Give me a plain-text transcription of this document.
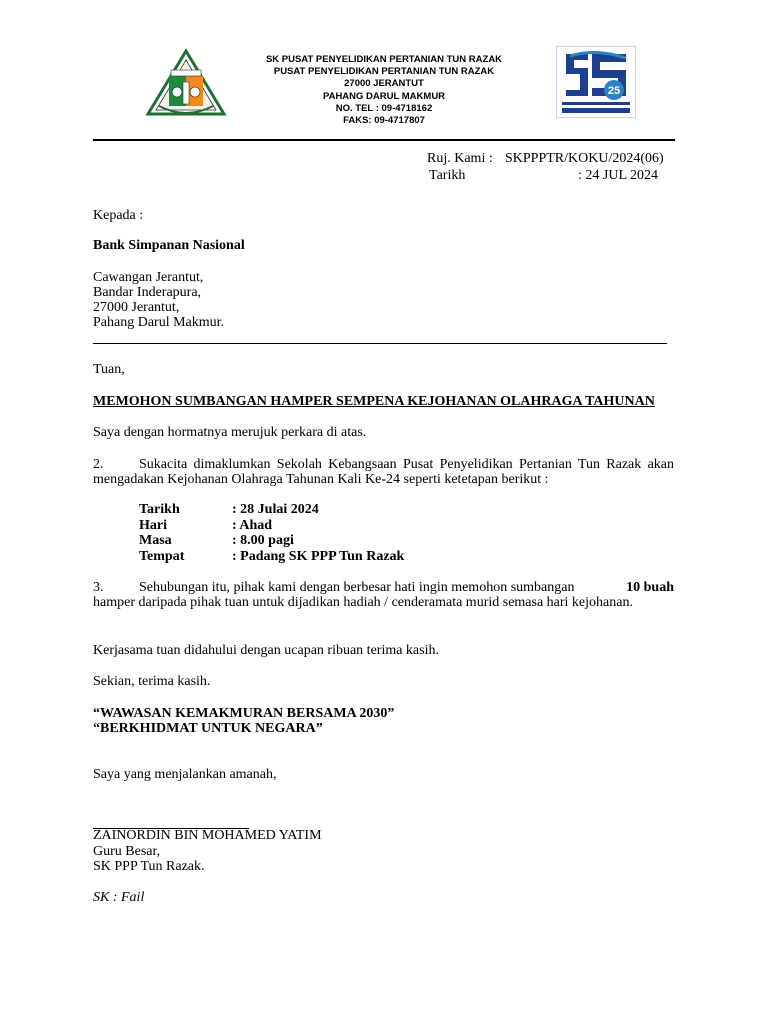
SK PUSAT PENYELIDIKAN PERTANIAN TUN RAZAK
PUSAT PENYELIDIKAN PERTANIAN TUN RAZAK
27000 JERANTUT
PAHANG DARUL MAKMUR
NO. TEL : 09-4718162
FAKS: 09-4717807
25
Ruj. Kami : SKPPPTR/KOKU/2024(06)
Tarikh	: 24 JUL 2024
Kepada :
Bank Simpanan Nasional
Cawangan Jerantut,
Bandar Inderapura,
27000 Jerantut,
Pahang Darul Makmur.
Tuan,
MEMOHON SUMBANGAN HAMPER SEMPENA KEJOHANAN OLAHRAGA TAHUNAN
Saya dengan hormatnya merujuk perkara di atas.
2.	Sukacita dimaklumkan Sekolah Kebangsaan Pusat Penyelidikan Pertanian Tun Razak akan
mengadakan Kejohanan Olahraga Tahunan Kali Ke-24 seperti ketetapan berikut :
Tarikh	: 28 Julai 2024
Hari	: Ahad
Masa	: 8.00 pagi
Tempat	: Padang SK PPP Tun Razak
3.	Sehubungan itu, pihak kami dengan berbesar hati ingin memohon sumbangan	10 buah
hamper daripada pihak tuan untuk dijadikan hadiah / cenderamata murid semasa hari kejohanan.
Kerjasama tuan didahului dengan ucapan ribuan terima kasih.
Sekian, terima kasih.
“WAWASAN KEMAKMURAN BERSAMA 2030”
“BERKHIDMAT UNTUK NEGARA”
Saya yang menjalankan amanah,
ZAINORDIN BIN MOHAMED YATIM
Guru Besar,
SK PPP Tun Razak.
SK : Fail
